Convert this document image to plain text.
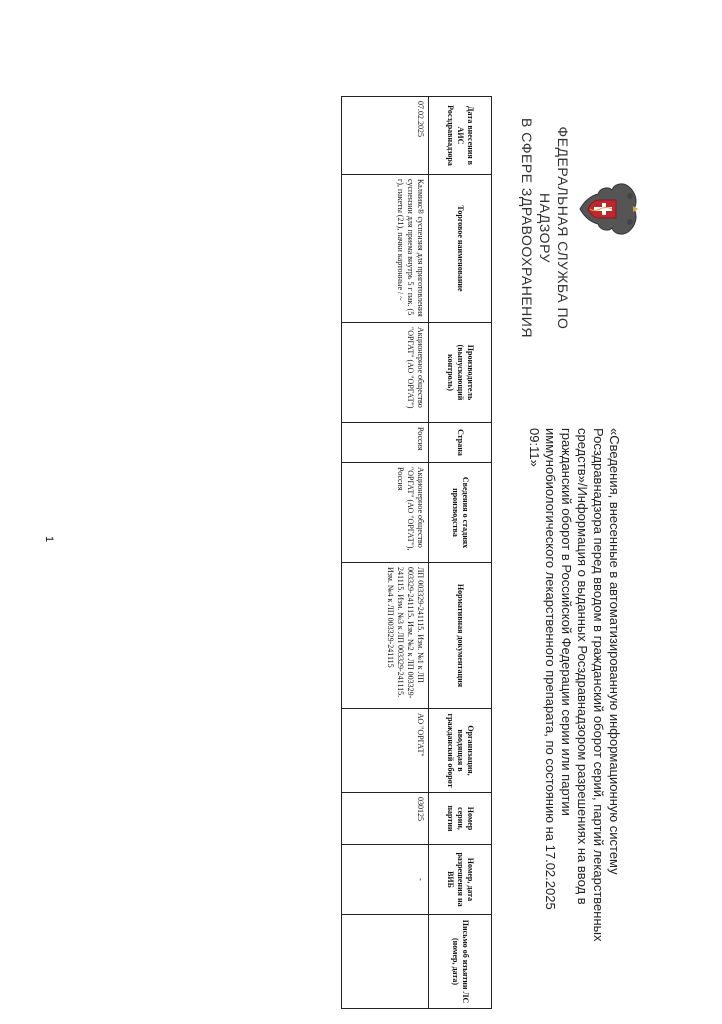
ФЕДЕРАЛЬНАЯ СЛУЖБА ПО НАДЗОРУ
В СФЕРЕ ЗДРАВООХРАНЕНИЯ
«Сведения, внесенные в автоматизированную информационную систему Росздравнадзора перед вводом в гражданский оборот серий, партий лекарственных средств»/Информация о выданных Росздравнадзором разрешениях на ввод в гражданский оборот в Российской Федерации серии или партии иммунобиологического лекарственного препарата, по состоянию на 17.02.2025 09:11»
Дата внесения в АИС Росздравнадзора	Торговое наименование	Производитель (выпускающий контроль)	Страна	Сведения о стадиях производства	Нормативная документация	Организация, вводящая в гражданский оборот	Номер серии, партии	Номер, дата разрешения на ВИБ	Письмо об изъятии ЛС (номер, дата)
07.02.2025	Калмикс® суспензия для приготовления суспензии для приема внутрь 5 г пак. (5 г), пакеты (21), пачки картонные / ~	Акционерное общество "ОРГАТ" (АО "ОРГАТ")	Россия	Акционерное общество "ОРГАТ" (АО "ОРГАТ"), Россия	ЛП 003329-241115. Изм. №1 к ЛП 003329-241115. Изм. №2 к ЛП 003329-241115. Изм. №3 к ЛП 003329-241115. Изм. №4 к ЛП 003329-241115	АО "ОРГАТ"	030125	-	
1
